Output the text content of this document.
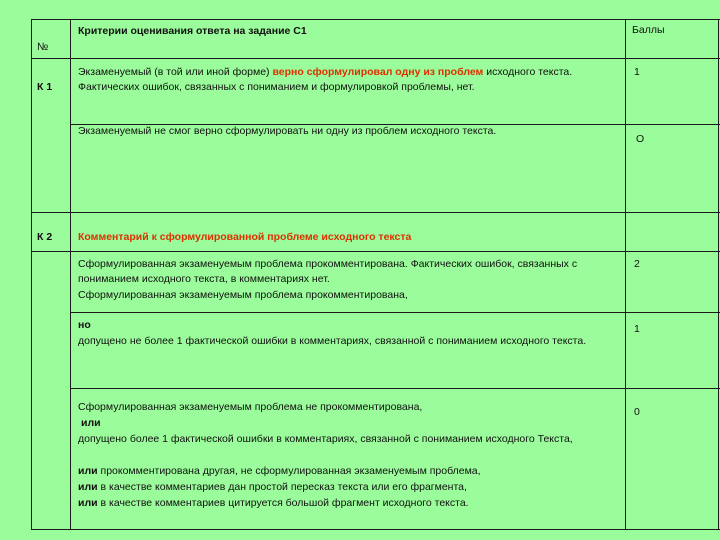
№
Критерии оценивания ответа на задание С1	Баллы
К 1
Экзаменуемый (в той или иной форме) верно сформулировал одну из проблем исходного текста. Фактических ошибок, связанных с пониманием и формулировкой проблемы, нет.
1
Экзаменуемый не смог верно сформулировать ни одну из проблем исходного текста.
О
К 2 Комментарий к сформулированной проблеме исходного текста
Сформулированная экзаменуемым проблема прокомментирована. Фактических ошибок, связанных с пониманием исходного текста, в комментариях нет.
Сформулированная экзаменуемым проблема прокомментирована,
2
но
допущено не более 1 фактической ошибки в комментариях, связанной с пониманием исходного текста.
1
Сформулированная экзаменуемым проблема не прокомментирована,
или
допущено более 1 фактической ошибки в комментариях, связанной с пониманием исходного Текста,
или прокомментирована другая, не сформулированная экзаменуемым проблема,
или в качестве комментариев дан простой пересказ текста или его фрагмента,
или в качестве комментариев цитируется большой фрагмент исходного текста.
0
